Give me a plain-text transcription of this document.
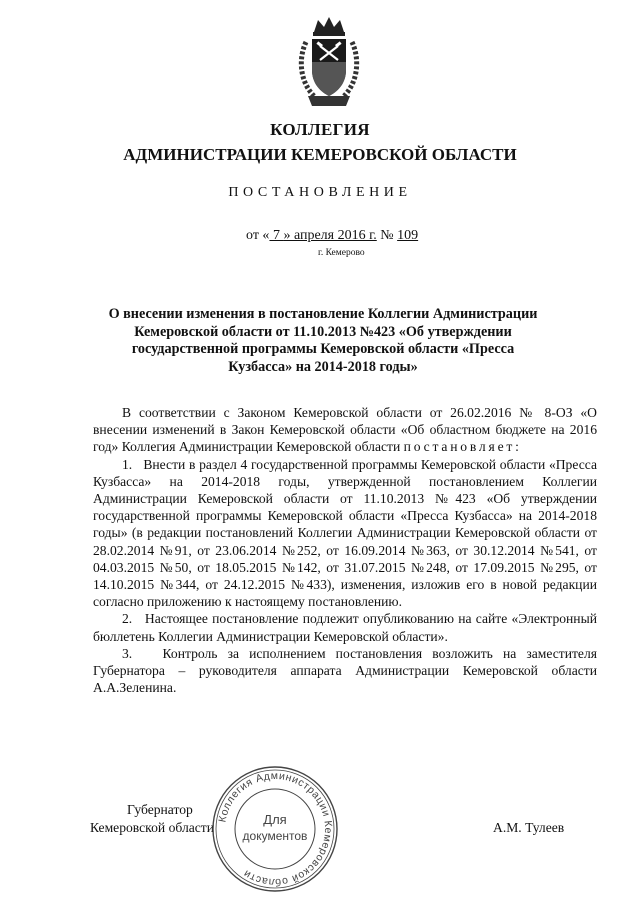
КОЛЛЕГИЯ
АДМИНИСТРАЦИИ КЕМЕРОВСКОЙ ОБЛАСТИ
ПОСТАНОВЛЕНИЕ
от « 7 » апреля 2016 г. № 109
г. Кемерово
О внесении изменения в постановление Коллегии Администрации Кемеровской области от 11.10.2013 №423 «Об утверждении государственной программы Кемеровской области «Пресса Кузбасса» на 2014-2018 годы»

В соответствии с Законом Кемеровской области от 26.02.2016 № 8-ОЗ «О внесении изменений в Закон Кемеровской области «Об областном бюджете на 2016 год» Коллегия Администрации Кемеровской области постановляет:

1.   Внести в раздел 4 государственной программы Кемеровской области «Пресса Кузбасса» на 2014-2018 годы, утвержденной постановлением Коллегии Администрации Кемеровской области от 11.10.2013 №423 «Об утверждении государственной программы Кемеровской области «Пресса Кузбасса» на 2014-2018 годы» (в редакции постановлений Коллегии Администрации Кемеровской области от 28.02.2014 №91, от 23.06.2014 №252, от 16.09.2014 №363, от 30.12.2014 №541, от 04.03.2015 №50, от 18.05.2015 №142, от 31.07.2015 №248, от 17.09.2015 №295, от 14.10.2015 №344, от 24.12.2015 №433), изменения, изложив его в новой редакции согласно приложению к настоящему постановлению.

2.   Настоящее постановление подлежит опубликованию на сайте «Электронный бюллетень Коллегии Администрации Кемеровской области».

3.   Контроль за исполнением постановления возложить на заместителя Губернатора – руководителя аппарата Администрации Кемеровской области А.А.Зеленина.

Губернатор
Кемеровской области	А.М. Тулеев
Коллегия Администрации Кемеровской области
Для
документов
